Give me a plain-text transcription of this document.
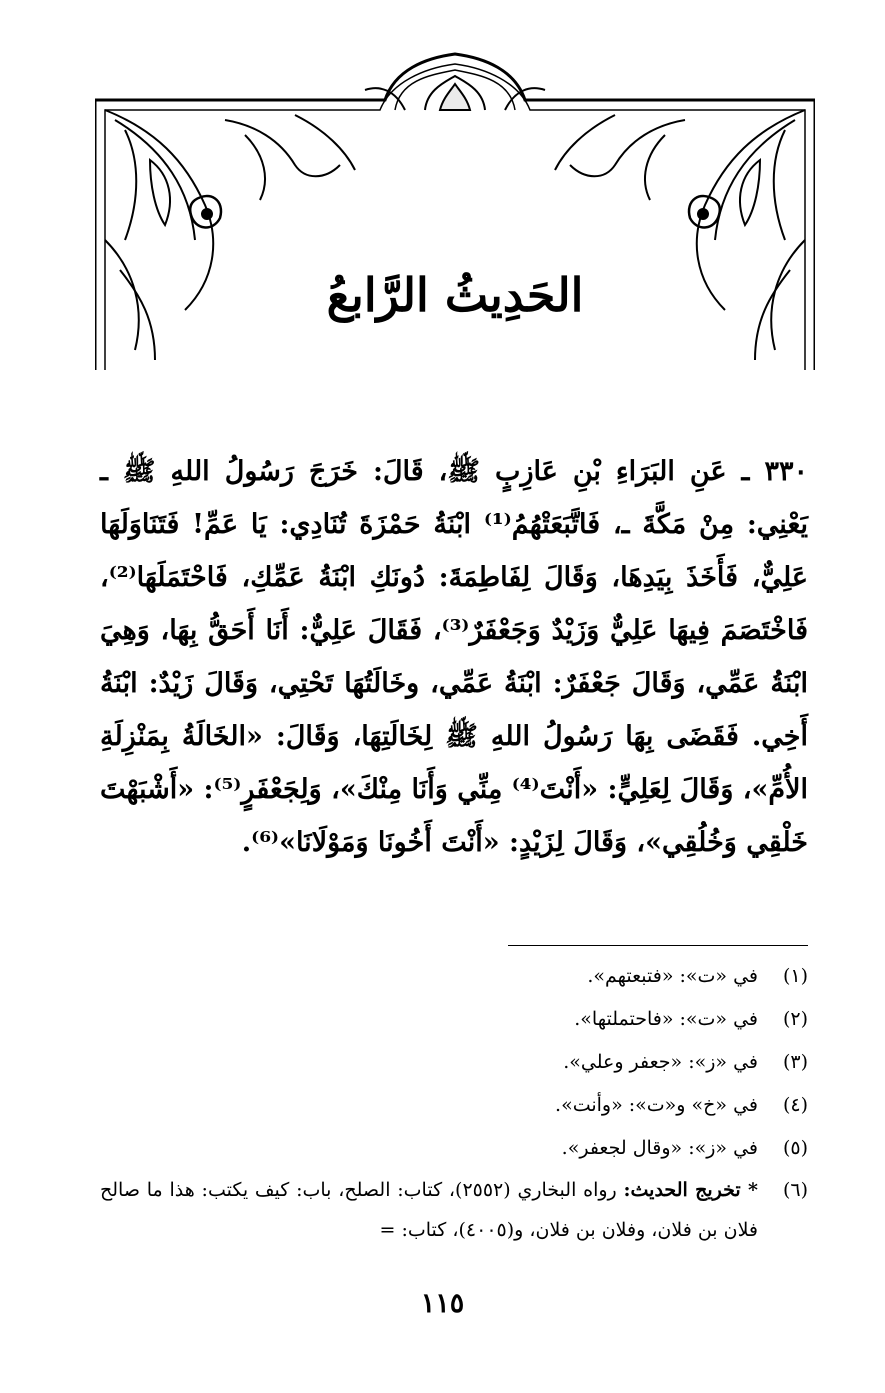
الحَدِيثُ الرَّابعُ

٣٣٠ ـ عَنِ البَرَاءِ بْنِ عَازِبٍ ﷺ، قَالَ: خَرَجَ رَسُولُ اللهِ ﷺ ـ يَعْنِي: مِنْ مَكَّةَ ـ، فَاتَّبَعَتْهُمُ⁽¹⁾ ابْنَةُ حَمْزَةَ تُنَادِي: يَا عَمِّ! فَتَنَاوَلَهَا عَلِيٌّ، فَأَخَذَ بِيَدِهَا، وَقَالَ لِفَاطِمَةَ: دُونَكِ ابْنَةُ عَمِّكِ، فَاحْتَمَلَهَا⁽²⁾، فَاخْتَصَمَ فِيهَا عَلِيٌّ وَزَيْدٌ وَجَعْفَرٌ⁽³⁾، فَقَالَ عَلِيٌّ: أَنَا أَحَقُّ بِهَا، وَهِيَ ابْنَةُ عَمِّي، وَقَالَ جَعْفَرٌ: ابْنَةُ عَمِّي، وخَالَتُهَا تَحْتِي، وَقَالَ زَيْدٌ: ابْنَةُ أَخِي. فَقَضَى بِهَا رَسُولُ اللهِ ﷺ لِخَالَتِهَا، وَقَالَ: «الخَالَةُ بِمَنْزِلَةِ الأُمِّ»، وَقَالَ لِعَلِيٍّ: «أَنْتَ⁽⁴⁾ مِنِّي وَأَنَا مِنْكَ»، وَلِجَعْفَرٍ⁽⁵⁾: «أَشْبَهْتَ خَلْقِي وَخُلُقِي»، وَقَالَ لِزَيْدٍ: «أَنْتَ أَخُونَا وَمَوْلَانَا»⁽⁶⁾.

(١)
في «ت»: «فتبعتهم».
(٢)
في «ت»: «فاحتملتها».
(٣)
في «ز»: «جعفر وعلي».
(٤)
في «خ» و«ت»: «وأنت».
(٥)
في «ز»: «وقال لجعفر».
(٦)
* تخريج الحديث: رواه البخاري (٢٥٥٢)، كتاب: الصلح، باب: كيف يكتب: هذا ما صالح فلان بن فلان، وفلان بن فلان، و(٤٠٠٥)، كتاب: =
١١٥
